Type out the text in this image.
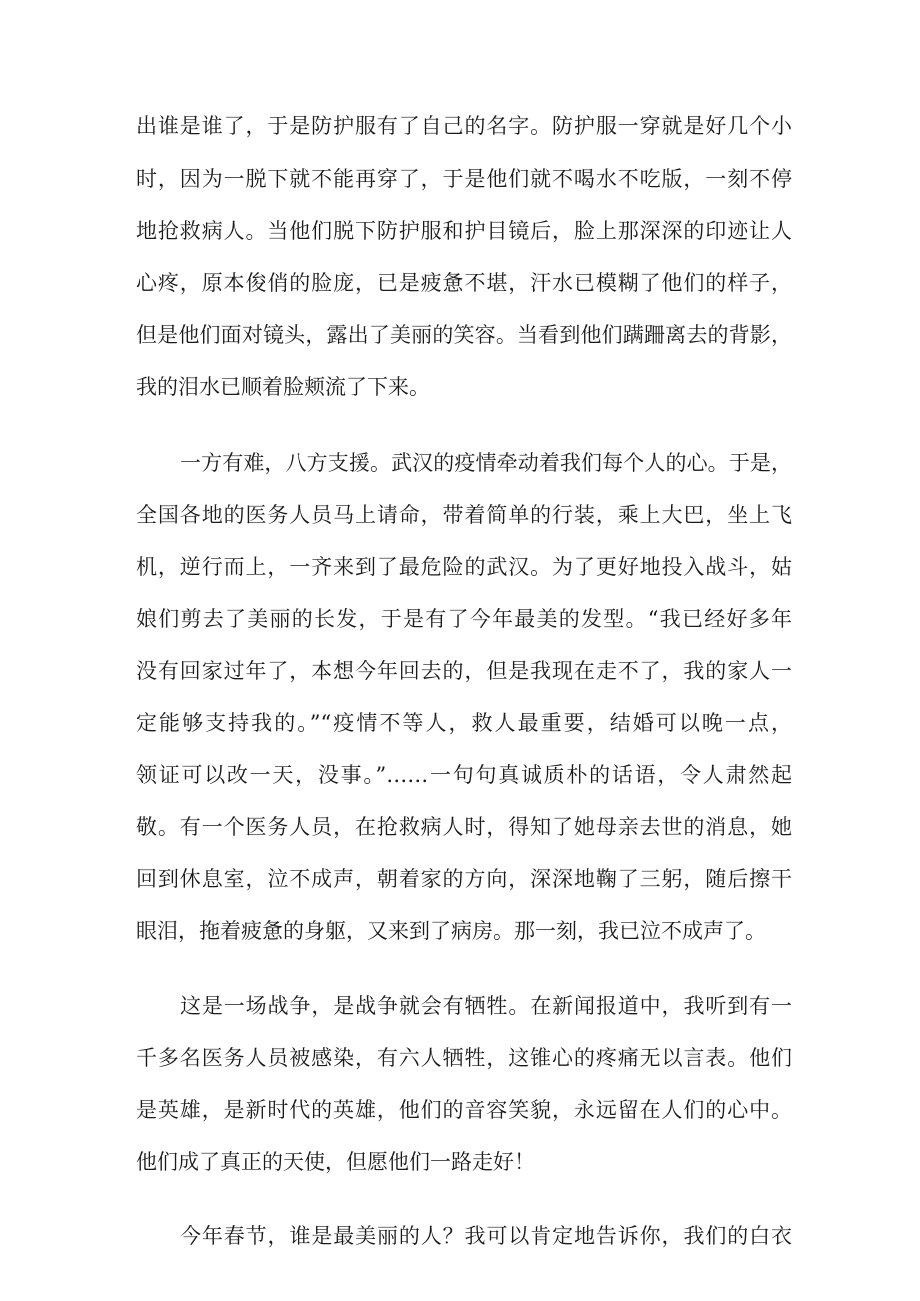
出谁是谁了，于是防护服有了自己的名字。防护服一穿就是好几个小
时，因为一脱下就不能再穿了，于是他们就不喝水不吃版，一刻不停
地抢救病人。当他们脱下防护服和护目镜后，脸上那深深的印迹让人
心疼，原本俊俏的脸庞，已是疲惫不堪，汗水已模糊了他们的样子，
但是他们面对镜头，露出了美丽的笑容。当看到他们蹒跚离去的背影，
我的泪水已顺着脸颊流了下来。
一方有难，八方支援。武汉的疫情牵动着我们每个人的心。于是，
全国各地的医务人员马上请命，带着简单的行装，乘上大巴，坐上飞
机，逆行而上，一齐来到了最危险的武汉。为了更好地投入战斗，姑
娘们剪去了美丽的长发，于是有了今年最美的发型。“我已经好多年
没有回家过年了，本想今年回去的，但是我现在走不了，我的家人一
定能够支持我的。”“疫情不等人，救人最重要，结婚可以晚一点，
领证可以改一天，没事。”……一句句真诚质朴的话语，令人肃然起
敬。有一个医务人员，在抢救病人时，得知了她母亲去世的消息，她
回到休息室，泣不成声，朝着家的方向，深深地鞠了三躬，随后擦干
眼泪，拖着疲惫的身躯，又来到了病房。那一刻，我已泣不成声了。
这是一场战争，是战争就会有牺牲。在新闻报道中，我听到有一
千多名医务人员被感染，有六人牺牲，这锥心的疼痛无以言表。他们
是英雄，是新时代的英雄，他们的音容笑貌，永远留在人们的心中。
他们成了真正的天使，但愿他们一路走好！
今年春节，谁是最美丽的人？我可以肯定地告诉你，我们的白衣
